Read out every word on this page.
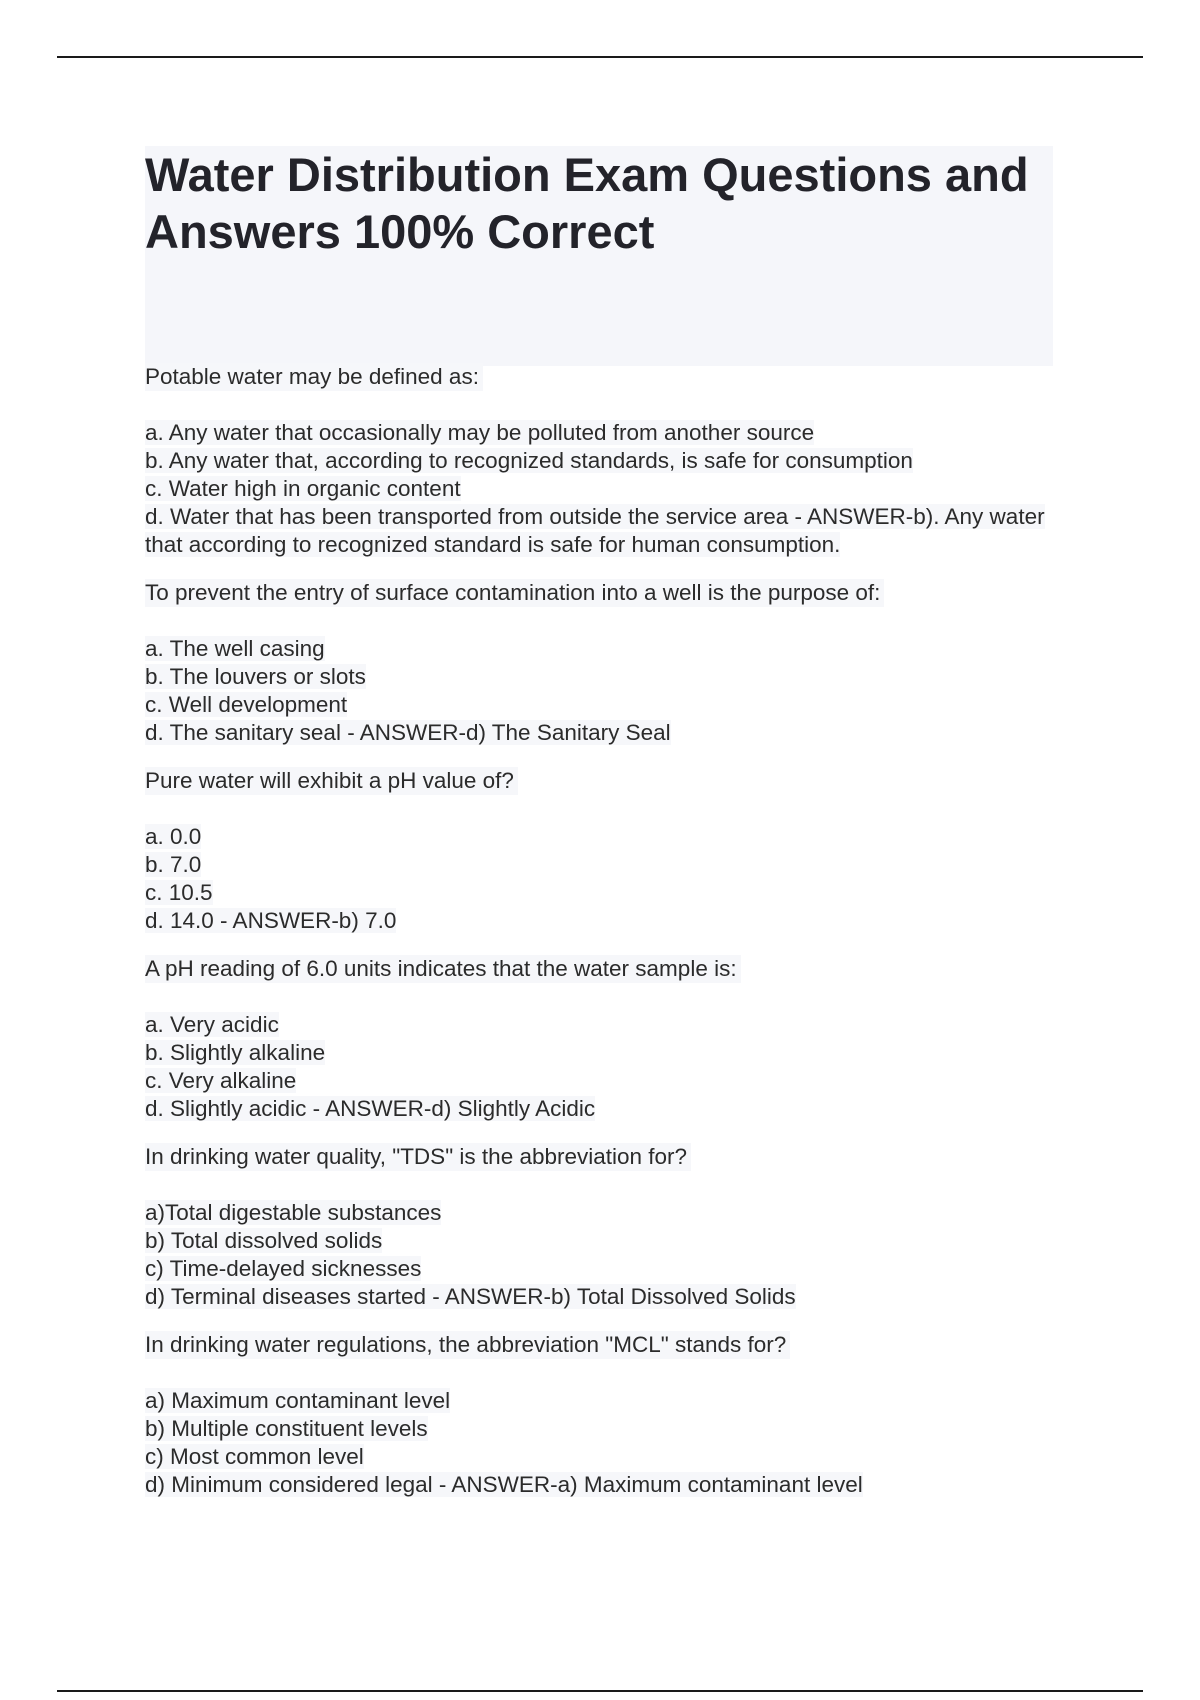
Water Distribution Exam Questions and
Answers 100% Correct
Potable water may be defined as:
a. Any water that occasionally may be polluted from another source
b. Any water that, according to recognized standards, is safe for consumption
c. Water high in organic content
d. Water that has been transported from outside the service area - ANSWER-b). Any water that according to recognized standard is safe for human consumption.
To prevent the entry of surface contamination into a well is the purpose of:
a. The well casing
b. The louvers or slots
c. Well development
d. The sanitary seal - ANSWER-d) The Sanitary Seal
Pure water will exhibit a pH value of?
a. 0.0
b. 7.0
c. 10.5
d. 14.0 - ANSWER-b) 7.0
A pH reading of 6.0 units indicates that the water sample is:
a. Very acidic
b. Slightly alkaline
c. Very alkaline
d. Slightly acidic - ANSWER-d) Slightly Acidic
In drinking water quality, "TDS" is the abbreviation for?
a)Total digestable substances
b) Total dissolved solids
c) Time-delayed sicknesses
d) Terminal diseases started - ANSWER-b) Total Dissolved Solids
In drinking water regulations, the abbreviation "MCL" stands for?
a) Maximum contaminant level
b) Multiple constituent levels
c) Most common level
d) Minimum considered legal - ANSWER-a) Maximum contaminant level
